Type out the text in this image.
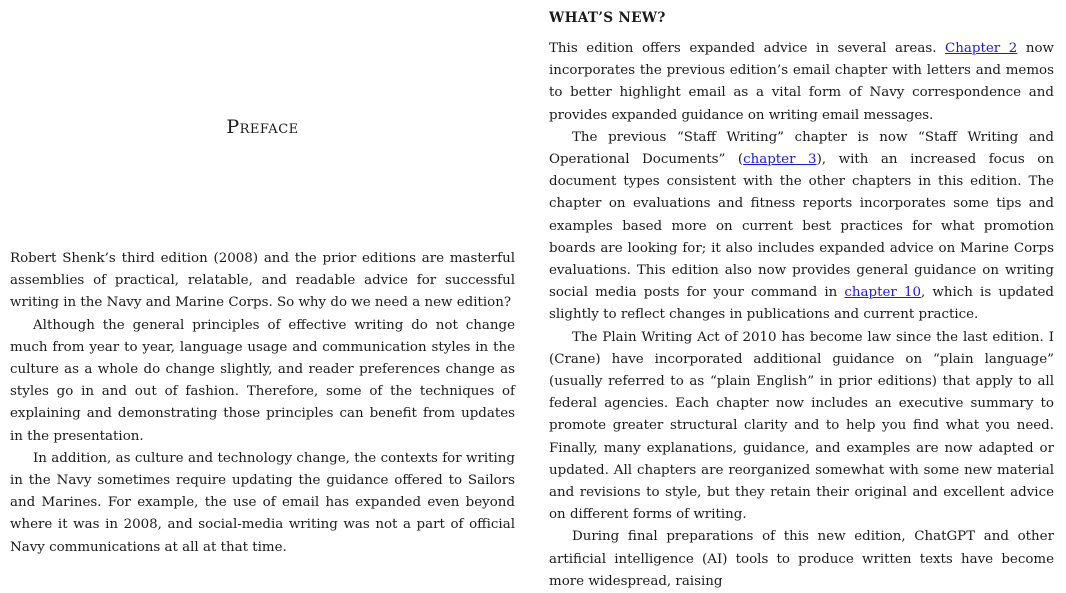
Preface

Robert Shenk’s third edition (2008) and the prior editions are masterful assemblies of practical, relatable, and readable advice for successful writing in the Navy and Marine Corps. So why do we need a new edition?

Although the general principles of effective writing do not change much from year to year, language usage and communication styles in the culture as a whole do change slightly, and reader preferences change as styles go in and out of fashion. Therefore, some of the techniques of explaining and demonstrating those principles can benefit from updates in the presentation.

In addition, as culture and technology change, the contexts for writing in the Navy sometimes require updating the guidance offered to Sailors and Marines. For example, the use of email has expanded even beyond where it was in 2008, and social-media writing was not a part of official Navy communications at all at that time.

WHAT’S NEW?

This edition offers expanded advice in several areas. Chapter 2 now incorporates the previous edition’s email chapter with letters and memos to better highlight email as a vital form of Navy correspondence and provides expanded guidance on writing email messages.

The previous “Staff Writing” chapter is now “Staff Writing and Operational Documents” (chapter 3), with an increased focus on document types consistent with the other chapters in this edition. The chapter on evaluations and fitness reports incorporates some tips and examples based more on current best practices for what promotion boards are looking for; it also includes expanded advice on Marine Corps evaluations. This edition also now provides general guidance on writing social media posts for your command in chapter 10, which is updated slightly to reflect changes in publications and current practice.

The Plain Writing Act of 2010 has become law since the last edition. I (Crane) have incorporated additional guidance on “plain language” (usually referred to as “plain English” in prior editions) that apply to all federal agencies. Each chapter now includes an executive summary to promote greater structural clarity and to help you find what you need. Finally, many explanations, guidance, and examples are now adapted or updated. All chapters are reorganized somewhat with some new material and revisions to style, but they retain their original and excellent advice on different forms of writing.

During final preparations of this new edition, ChatGPT and other artificial intelligence (AI) tools to produce written texts have become more widespread, raising
